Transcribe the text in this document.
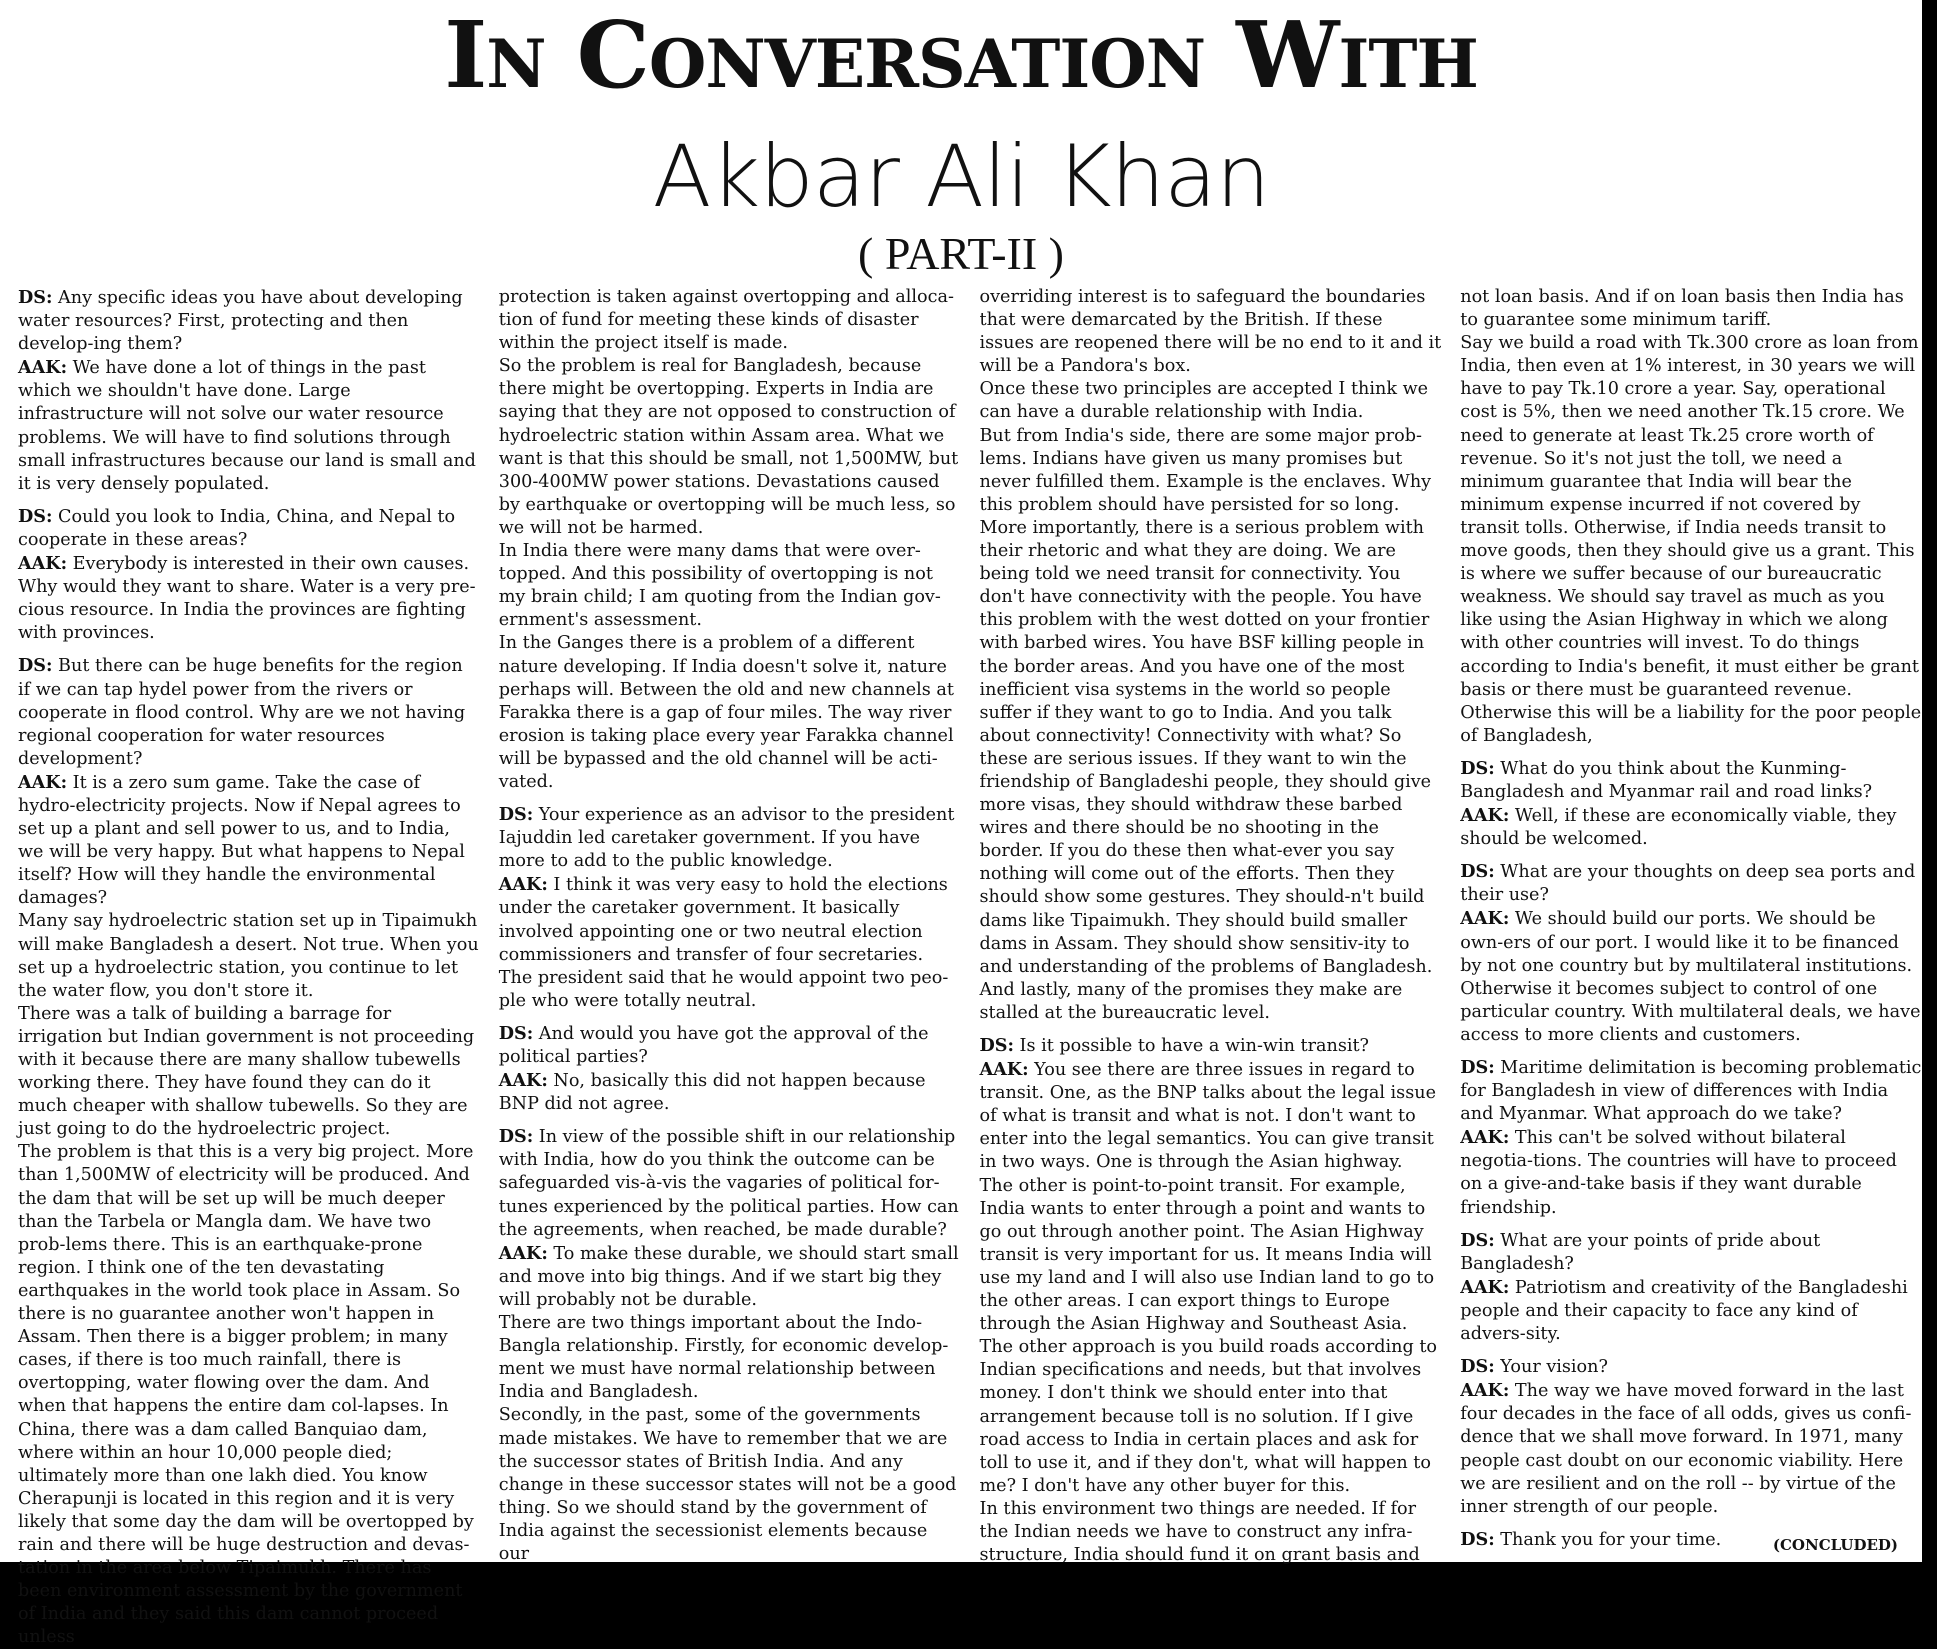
IN CONVERSATION WITH
Akbar Ali Khan
( PART-II )

DS: Any specific ideas you have about developing water resources? First, protecting and then develop-ing them?

AAK: We have done a lot of things in the past which we shouldn't have done. Large infrastructure will not solve our water resource problems. We will have to find solutions through small infrastructures because our land is small and it is very densely populated.

DS: Could you look to India, China, and Nepal to cooperate in these areas?

AAK: Everybody is interested in their own causes. Why would they want to share. Water is a very pre-cious resource. In India the provinces are fighting with provinces.

DS: But there can be huge benefits for the region if we can tap hydel power from the rivers or cooperate in flood control. Why are we not having regional cooperation for water resources development?

AAK: It is a zero sum game. Take the case of hydro-electricity projects. Now if Nepal agrees to set up a plant and sell power to us, and to India, we will be very happy. But what happens to Nepal itself? How will they handle the environmental damages?

Many say hydroelectric station set up in Tipaimukh will make Bangladesh a desert. Not true. When you set up a hydroelectric station, you continue to let the water flow, you don't store it.

There was a talk of building a barrage for irrigation but Indian government is not proceeding with it because there are many shallow tubewells working there. They have found they can do it much cheaper with shallow tubewells. So they are just going to do the hydroelectric project.

The problem is that this is a very big project. More than 1,500MW of electricity will be produced. And the dam that will be set up will be much deeper than the Tarbela or Mangla dam. We have two prob-lems there. This is an earthquake-prone region. I think one of the ten devastating earthquakes in the world took place in Assam. So there is no guarantee another won't happen in Assam. Then there is a bigger problem; in many cases, if there is too much rainfall, there is overtopping, water flowing over the dam. And when that happens the entire dam col-lapses. In China, there was a dam called Banquiao dam, where within an hour 10,000 people died; ultimately more than one lakh died. You know Cherapunji is located in this region and it is very likely that some day the dam will be overtopped by rain and there will be huge destruction and devas-tation in the area below Tipaimukh. There has been environment assessment by the government of India and they said this dam cannot proceed unless

protection is taken against overtopping and alloca-tion of fund for meeting these kinds of disaster within the project itself is made.

So the problem is real for Bangladesh, because there might be overtopping. Experts in India are saying that they are not opposed to construction of hydroelectric station within Assam area. What we want is that this should be small, not 1,500MW, but 300-400MW power stations. Devastations caused by earthquake or overtopping will be much less, so we will not be harmed.

In India there were many dams that were over-topped. And this possibility of overtopping is not my brain child; I am quoting from the Indian gov-ernment's assessment.

In the Ganges there is a problem of a different nature developing. If India doesn't solve it, nature perhaps will. Between the old and new channels at Farakka there is a gap of four miles. The way river erosion is taking place every year Farakka channel will be bypassed and the old channel will be acti-vated.

DS: Your experience as an advisor to the president Iajuddin led caretaker government. If you have more to add to the public knowledge.

AAK: I think it was very easy to hold the elections under the caretaker government. It basically involved appointing one or two neutral election commissioners and transfer of four secretaries. The president said that he would appoint two peo-ple who were totally neutral.

DS: And would you have got the approval of the political parties?

AAK: No, basically this did not happen because BNP did not agree.

DS: In view of the possible shift in our relationship with India, how do you think the outcome can be safeguarded vis-à-vis the vagaries of political for-tunes experienced by the political parties. How can the agreements, when reached, be made durable?

AAK: To make these durable, we should start small and move into big things. And if we start big they will probably not be durable.

There are two things important about the Indo-Bangla relationship. Firstly, for economic develop-ment we must have normal relationship between India and Bangladesh.

Secondly, in the past, some of the governments made mistakes. We have to remember that we are the successor states of British India. And any change in these successor states will not be a good thing. So we should stand by the government of India against the secessionist elements because our

overriding interest is to safeguard the boundaries that were demarcated by the British. If these issues are reopened there will be no end to it and it will be a Pandora's box.

Once these two principles are accepted I think we can have a durable relationship with India.

But from India's side, there are some major prob-lems. Indians have given us many promises but never fulfilled them. Example is the enclaves. Why this problem should have persisted for so long.

More importantly, there is a serious problem with their rhetoric and what they are doing. We are being told we need transit for connectivity. You don't have connectivity with the people. You have this problem with the west dotted on your frontier with barbed wires. You have BSF killing people in the border areas. And you have one of the most inefficient visa systems in the world so people suffer if they want to go to India. And you talk about connectivity! Connectivity with what? So these are serious issues. If they want to win the friendship of Bangladeshi people, they should give more visas, they should withdraw these barbed wires and there should be no shooting in the border. If you do these then what-ever you say nothing will come out of the efforts. Then they should show some gestures. They should-n't build dams like Tipaimukh. They should build smaller dams in Assam. They should show sensitiv-ity to and understanding of the problems of Bangladesh.

And lastly, many of the promises they make are stalled at the bureaucratic level.

DS: Is it possible to have a win-win transit?

AAK: You see there are three issues in regard to transit. One, as the BNP talks about the legal issue of what is transit and what is not. I don't want to enter into the legal semantics. You can give transit in two ways. One is through the Asian highway. The other is point-to-point transit. For example, India wants to enter through a point and wants to go out through another point. The Asian Highway transit is very important for us. It means India will use my land and I will also use Indian land to go to the other areas. I can export things to Europe through the Asian Highway and Southeast Asia.

The other approach is you build roads according to Indian specifications and needs, but that involves money. I don't think we should enter into that arrangement because toll is no solution. If I give road access to India in certain places and ask for toll to use it, and if they don't, what will happen to me? I don't have any other buyer for this.

In this environment two things are needed. If for the Indian needs we have to construct any infra-structure, India should fund it on grant basis and

not loan basis. And if on loan basis then India has to guarantee some minimum tariff.

Say we build a road with Tk.300 crore as loan from India, then even at 1% interest, in 30 years we will have to pay Tk.10 crore a year. Say, operational cost is 5%, then we need another Tk.15 crore. We need to generate at least Tk.25 crore worth of revenue. So it's not just the toll, we need a minimum guarantee that India will bear the minimum expense incurred if not covered by transit tolls. Otherwise, if India needs transit to move goods, then they should give us a grant. This is where we suffer because of our bureaucratic weakness. We should say travel as much as you like using the Asian Highway in which we along with other countries will invest. To do things according to India's benefit, it must either be grant basis or there must be guaranteed revenue. Otherwise this will be a liability for the poor people of Bangladesh,

DS: What do you think about the Kunming-Bangladesh and Myanmar rail and road links?

AAK: Well, if these are economically viable, they should be welcomed.

DS: What are your thoughts on deep sea ports and their use?

AAK: We should build our ports. We should be own-ers of our port. I would like it to be financed by not one country but by multilateral institutions. Otherwise it becomes subject to control of one particular country. With multilateral deals, we have access to more clients and customers.

DS: Maritime delimitation is becoming problematic for Bangladesh in view of differences with India and Myanmar. What approach do we take?

AAK: This can't be solved without bilateral negotia-tions. The countries will have to proceed on a give-and-take basis if they want durable friendship.

DS: What are your points of pride about Bangladesh?

AAK: Patriotism and creativity of the Bangladeshi people and their capacity to face any kind of advers-sity.

DS: Your vision?

AAK: The way we have moved forward in the last four decades in the face of all odds, gives us confi-dence that we shall move forward. In 1971, many people cast doubt on our economic viability. Here we are resilient and on the roll -- by virtue of the inner strength of our people.

DS: Thank you for your time.	(CONCLUDED)
